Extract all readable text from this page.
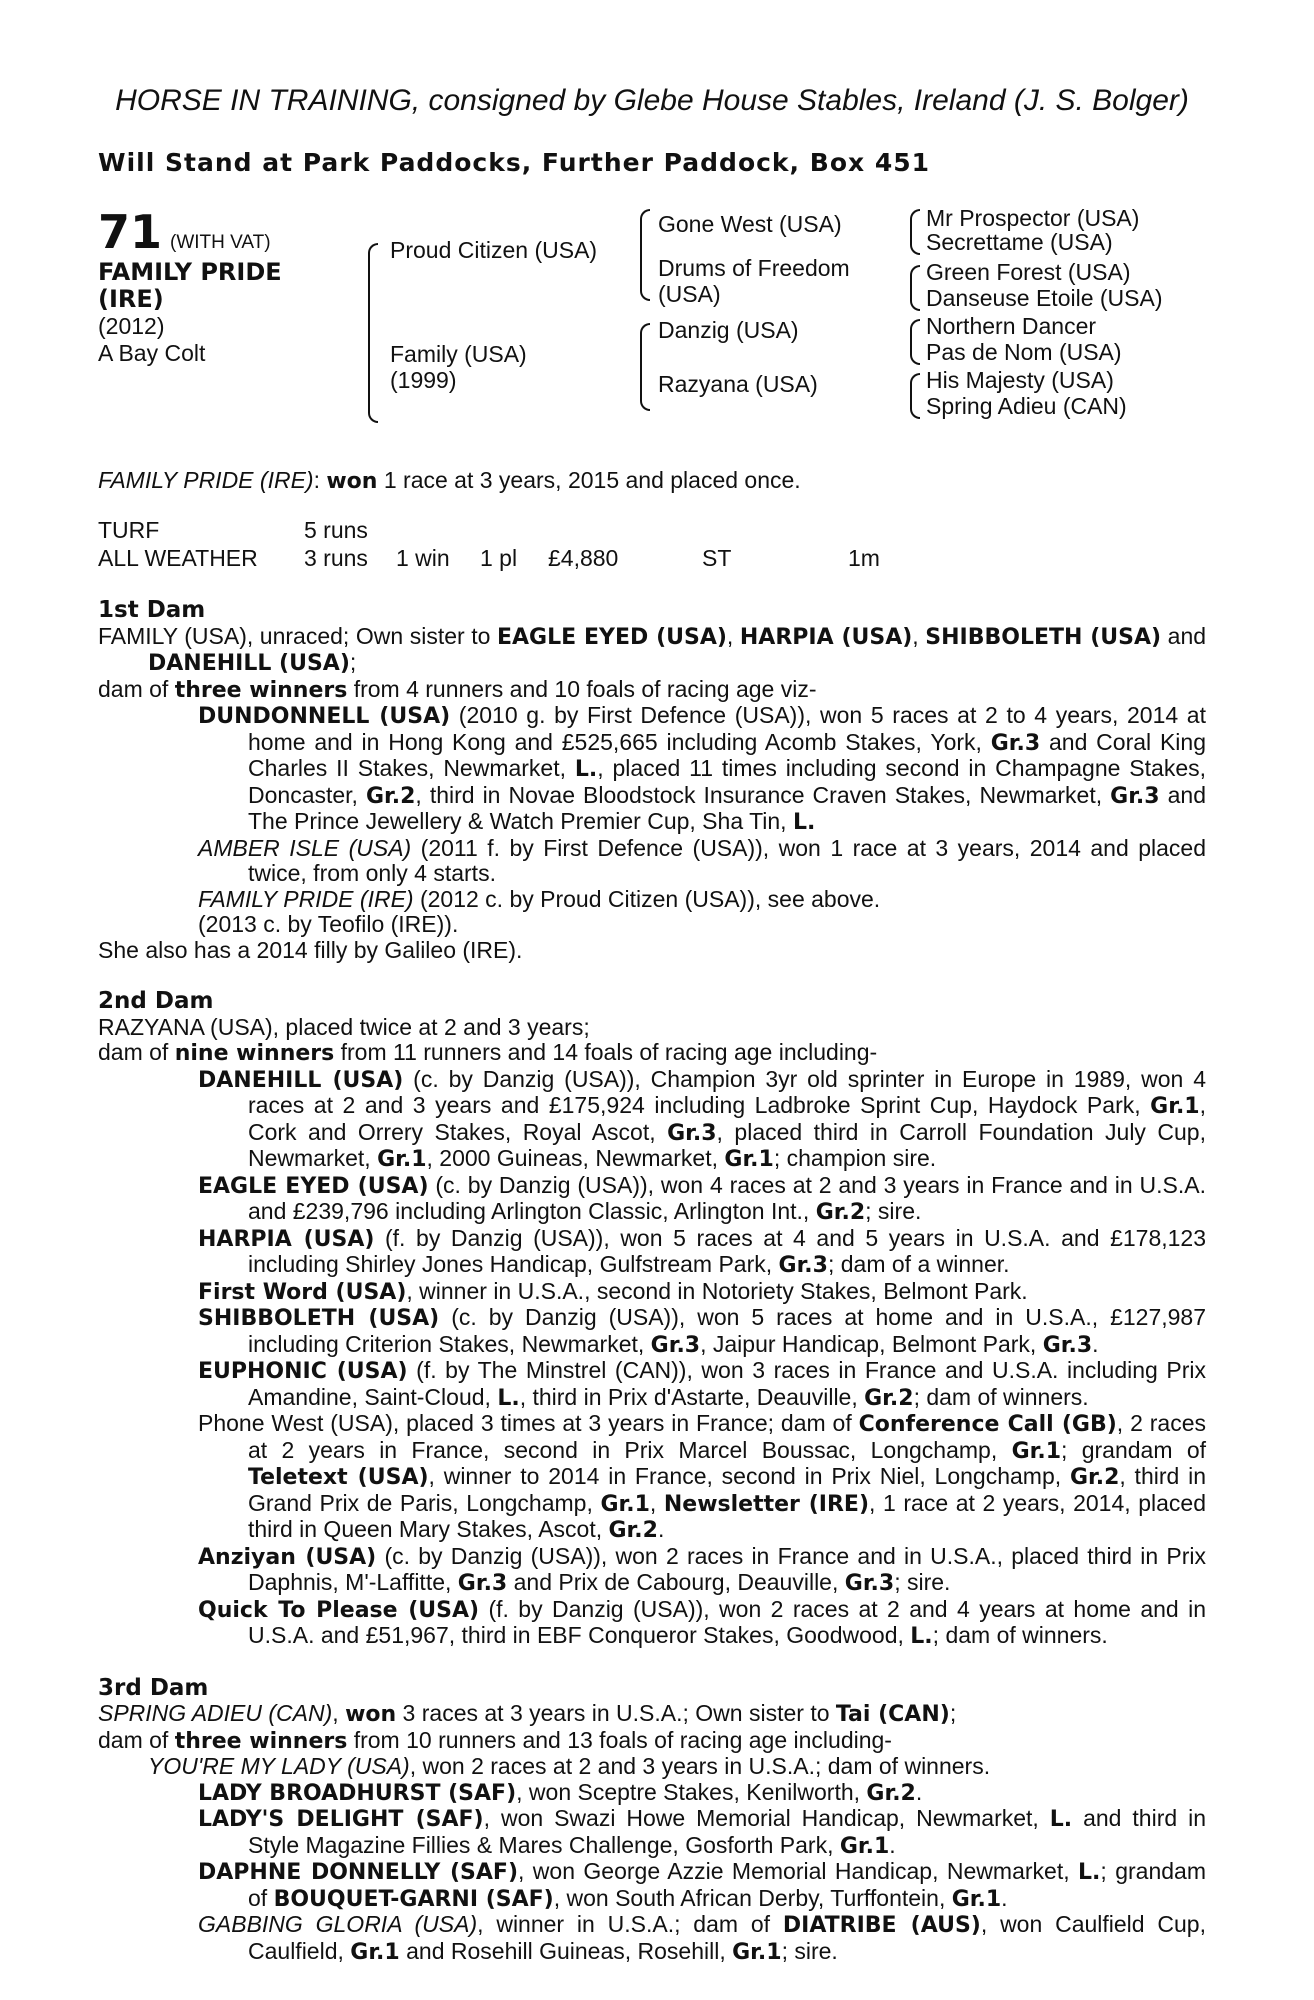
HORSE IN TRAINING, consigned by Glebe House Stables, Ireland (J. S. Bolger)
Will Stand at Park Paddocks, Further Paddock, Box 451
71 (WITH VAT)
FAMILY PRIDE
(IRE)
(2012)
A Bay Colt
Proud Citizen (USA)
Family (USA)
(1999)
Gone West (USA)
Drums of Freedom
(USA)
Danzig (USA)
Razyana (USA)
Mr Prospector (USA)
Secrettame (USA)
Green Forest (USA)
Danseuse Etoile (USA)
Northern Dancer
Pas de Nom (USA)
His Majesty (USA)
Spring Adieu (CAN)
FAMILY PRIDE (IRE): won 1 race at 3 years, 2015 and placed once.
TURF	5 runs
ALL WEATHER 3 runs 1 win 1 pl £4,880	ST	1m
1st Dam
FAMILY (USA), unraced; Own sister to EAGLE EYED (USA), HARPIA (USA), SHIBBOLETH (USA) and DANEHILL (USA);
dam of three winners from 4 runners and 10 foals of racing age viz-
DUNDONNELL (USA) (2010 g. by First Defence (USA)), won 5 races at 2 to 4 years, 2014 at home and in Hong Kong and £525,665 including Acomb Stakes, York, Gr.3 and Coral King Charles II Stakes, Newmarket, L., placed 11 times including second in Champagne Stakes, Doncaster, Gr.2, third in Novae Bloodstock Insurance Craven Stakes, Newmarket, Gr.3 and The Prince Jewellery & Watch Premier Cup, Sha Tin, L.
AMBER ISLE (USA) (2011 f. by First Defence (USA)), won 1 race at 3 years, 2014 and placed twice, from only 4 starts.
FAMILY PRIDE (IRE) (2012 c. by Proud Citizen (USA)), see above.
(2013 c. by Teofilo (IRE)).
She also has a 2014 filly by Galileo (IRE).
2nd Dam
RAZYANA (USA), placed twice at 2 and 3 years;
dam of nine winners from 11 runners and 14 foals of racing age including-
DANEHILL (USA) (c. by Danzig (USA)), Champion 3yr old sprinter in Europe in 1989, won 4 races at 2 and 3 years and £175,924 including Ladbroke Sprint Cup, Haydock Park, Gr.1, Cork and Orrery Stakes, Royal Ascot, Gr.3, placed third in Carroll Foundation July Cup, Newmarket, Gr.1, 2000 Guineas, Newmarket, Gr.1; champion sire.
EAGLE EYED (USA) (c. by Danzig (USA)), won 4 races at 2 and 3 years in France and in U.S.A. and £239,796 including Arlington Classic, Arlington Int., Gr.2; sire.
HARPIA (USA) (f. by Danzig (USA)), won 5 races at 4 and 5 years in U.S.A. and £178,123 including Shirley Jones Handicap, Gulfstream Park, Gr.3; dam of a winner.
First Word (USA), winner in U.S.A., second in Notoriety Stakes, Belmont Park.
SHIBBOLETH (USA) (c. by Danzig (USA)), won 5 races at home and in U.S.A., £127,987 including Criterion Stakes, Newmarket, Gr.3, Jaipur Handicap, Belmont Park, Gr.3.
EUPHONIC (USA) (f. by The Minstrel (CAN)), won 3 races in France and U.S.A. including Prix Amandine, Saint-Cloud, L., third in Prix d'Astarte, Deauville, Gr.2; dam of winners.
Phone West (USA), placed 3 times at 3 years in France; dam of Conference Call (GB), 2 races at 2 years in France, second in Prix Marcel Boussac, Longchamp, Gr.1; grandam of Teletext (USA), winner to 2014 in France, second in Prix Niel, Longchamp, Gr.2, third in Grand Prix de Paris, Longchamp, Gr.1, Newsletter (IRE), 1 race at 2 years, 2014, placed third in Queen Mary Stakes, Ascot, Gr.2.
Anziyan (USA) (c. by Danzig (USA)), won 2 races in France and in U.S.A., placed third in Prix Daphnis, M'-Laffitte, Gr.3 and Prix de Cabourg, Deauville, Gr.3; sire.
Quick To Please (USA) (f. by Danzig (USA)), won 2 races at 2 and 4 years at home and in U.S.A. and £51,967, third in EBF Conqueror Stakes, Goodwood, L.; dam of winners.
3rd Dam
SPRING ADIEU (CAN), won 3 races at 3 years in U.S.A.; Own sister to Tai (CAN);
dam of three winners from 10 runners and 13 foals of racing age including-
YOU'RE MY LADY (USA), won 2 races at 2 and 3 years in U.S.A.; dam of winners.
LADY BROADHURST (SAF), won Sceptre Stakes, Kenilworth, Gr.2.
LADY'S DELIGHT (SAF), won Swazi Howe Memorial Handicap, Newmarket, L. and third in Style Magazine Fillies & Mares Challenge, Gosforth Park, Gr.1.
DAPHNE DONNELLY (SAF), won George Azzie Memorial Handicap, Newmarket, L.; grandam of BOUQUET-GARNI (SAF), won South African Derby, Turffontein, Gr.1.
GABBING GLORIA (USA), winner in U.S.A.; dam of DIATRIBE (AUS), won Caulfield Cup, Caulfield, Gr.1 and Rosehill Guineas, Rosehill, Gr.1; sire.
